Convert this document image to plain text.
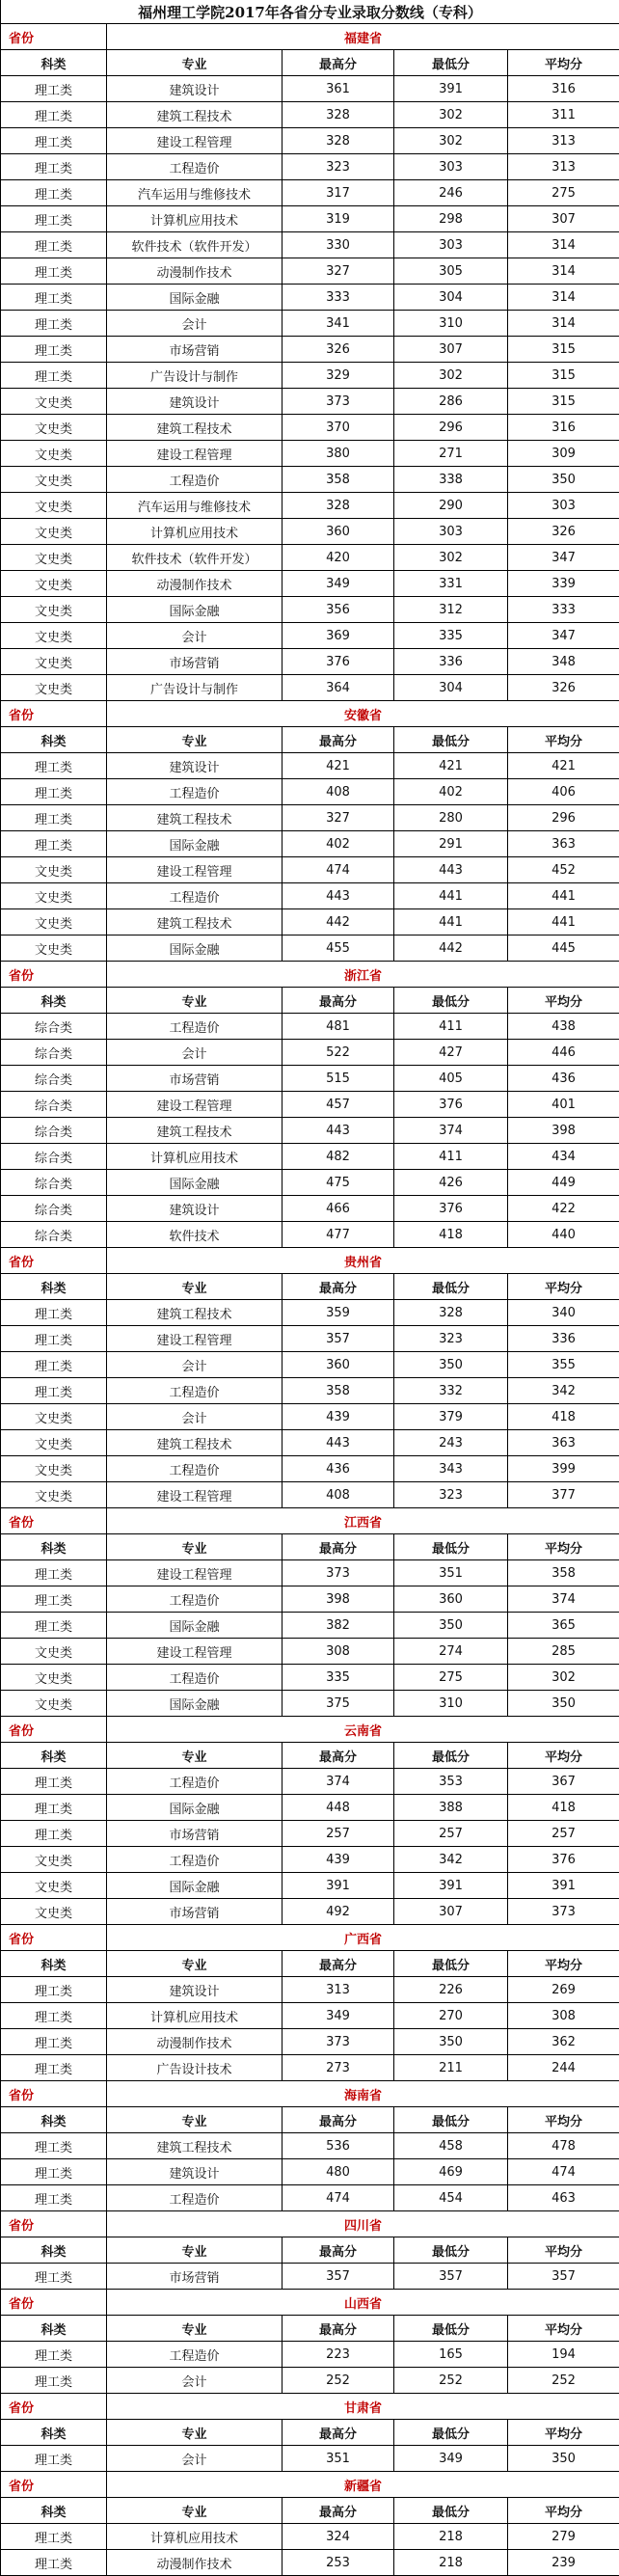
福州理工学院2017年各省分专业录取分数线（专科）				
省份	福建省			
科类	专业	最高分	最低分	平均分
理工类	建筑设计	361	391	316
理工类	建筑工程技术	328	302	311
理工类	建设工程管理	328	302	313
理工类	工程造价	323	303	313
理工类	汽车运用与维修技术	317	246	275
理工类	计算机应用技术	319	298	307
理工类	软件技术（软件开发）	330	303	314
理工类	动漫制作技术	327	305	314
理工类	国际金融	333	304	314
理工类	会计	341	310	314
理工类	市场营销	326	307	315
理工类	广告设计与制作	329	302	315
文史类	建筑设计	373	286	315
文史类	建筑工程技术	370	296	316
文史类	建设工程管理	380	271	309
文史类	工程造价	358	338	350
文史类	汽车运用与维修技术	328	290	303
文史类	计算机应用技术	360	303	326
文史类	软件技术（软件开发）	420	302	347
文史类	动漫制作技术	349	331	339
文史类	国际金融	356	312	333
文史类	会计	369	335	347
文史类	市场营销	376	336	348
文史类	广告设计与制作	364	304	326
省份	安徽省			
科类	专业	最高分	最低分	平均分
理工类	建筑设计	421	421	421
理工类	工程造价	408	402	406
理工类	建筑工程技术	327	280	296
理工类	国际金融	402	291	363
文史类	建设工程管理	474	443	452
文史类	工程造价	443	441	441
文史类	建筑工程技术	442	441	441
文史类	国际金融	455	442	445
省份	浙江省			
科类	专业	最高分	最低分	平均分
综合类	工程造价	481	411	438
综合类	会计	522	427	446
综合类	市场营销	515	405	436
综合类	建设工程管理	457	376	401
综合类	建筑工程技术	443	374	398
综合类	计算机应用技术	482	411	434
综合类	国际金融	475	426	449
综合类	建筑设计	466	376	422
综合类	软件技术	477	418	440
省份	贵州省			
科类	专业	最高分	最低分	平均分
理工类	建筑工程技术	359	328	340
理工类	建设工程管理	357	323	336
理工类	会计	360	350	355
理工类	工程造价	358	332	342
文史类	会计	439	379	418
文史类	建筑工程技术	443	243	363
文史类	工程造价	436	343	399
文史类	建设工程管理	408	323	377
省份	江西省			
科类	专业	最高分	最低分	平均分
理工类	建设工程管理	373	351	358
理工类	工程造价	398	360	374
理工类	国际金融	382	350	365
文史类	建设工程管理	308	274	285
文史类	工程造价	335	275	302
文史类	国际金融	375	310	350
省份	云南省			
科类	专业	最高分	最低分	平均分
理工类	工程造价	374	353	367
理工类	国际金融	448	388	418
理工类	市场营销	257	257	257
文史类	工程造价	439	342	376
文史类	国际金融	391	391	391
文史类	市场营销	492	307	373
省份	广西省			
科类	专业	最高分	最低分	平均分
理工类	建筑设计	313	226	269
理工类	计算机应用技术	349	270	308
理工类	动漫制作技术	373	350	362
理工类	广告设计技术	273	211	244
省份	海南省			
科类	专业	最高分	最低分	平均分
理工类	建筑工程技术	536	458	478
理工类	建筑设计	480	469	474
理工类	工程造价	474	454	463
省份	四川省			
科类	专业	最高分	最低分	平均分
理工类	市场营销	357	357	357
省份	山西省			
科类	专业	最高分	最低分	平均分
理工类	工程造价	223	165	194
理工类	会计	252	252	252
省份	甘肃省			
科类	专业	最高分	最低分	平均分
理工类	会计	351	349	350
省份	新疆省			
科类	专业	最高分	最低分	平均分
理工类	计算机应用技术	324	218	279
理工类	动漫制作技术	253	218	239
